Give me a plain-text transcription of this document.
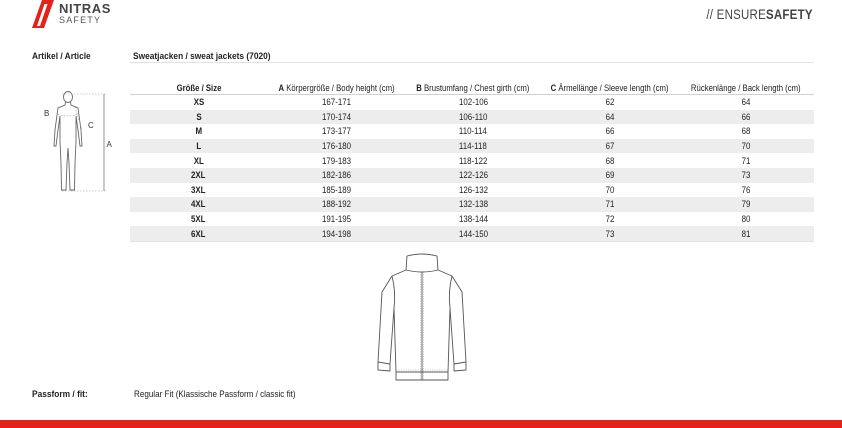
NITRAS
SAFETY	// ENSURESAFETY
Artikel / Article	Sweatjacken / sweat jackets (7020)
A
B
C
Größe / Size	A Körpergröße / Body height (cm)	B Brustumfang / Chest girth (cm)	C Ärmellänge / Sleeve length (cm)	Rückenlänge / Back length (cm)
XS	167-171	102-106	62	64
S	170-174	106-110	64	66
M	173-177	110-114	66	68
L	176-180	114-118	67	70
XL	179-183	118-122	68	71
2XL	182-186	122-126	69	73
3XL	185-189	126-132	70	76
4XL	188-192	132-138	71	79
5XL	191-195	138-144	72	80
6XL	194-198	144-150	73	81
Passform / fit:	Regular Fit (Klassische Passform / classic fit)
